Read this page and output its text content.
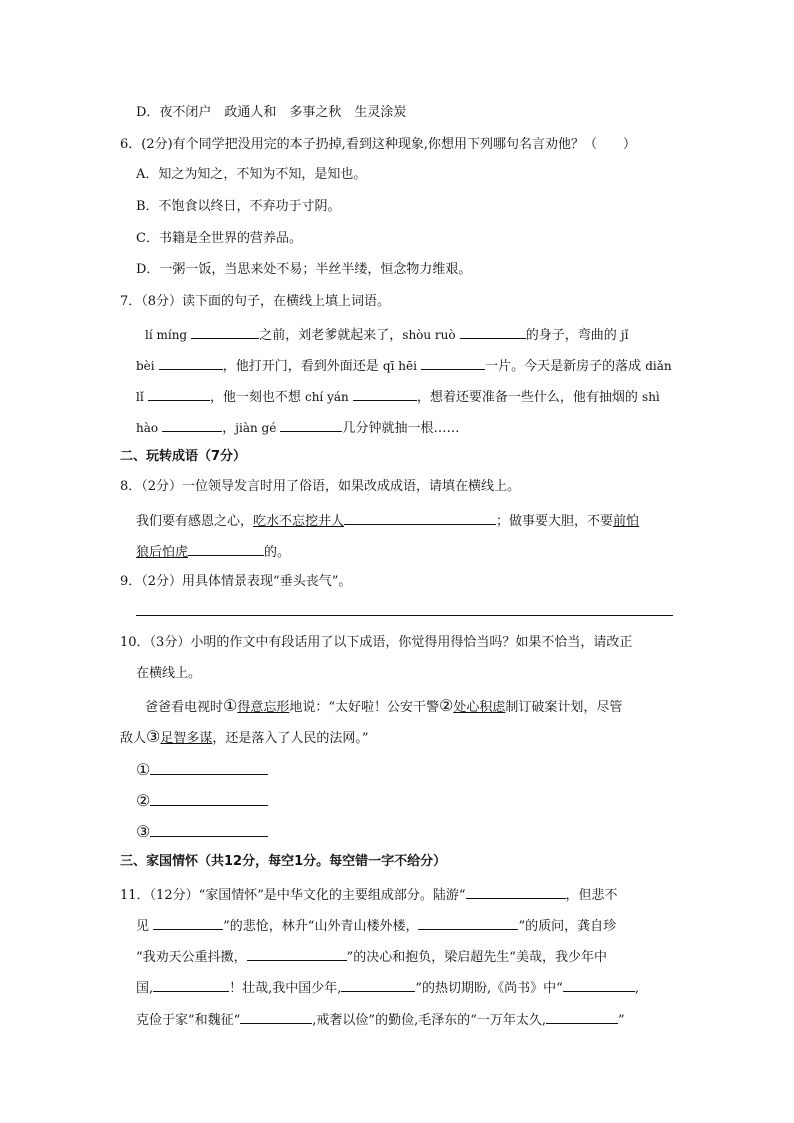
D．夜不闭户　政通人和　多事之秋　生灵涂炭
6．(2分)有个同学把没用完的本子扔掉,看到这种现象,你想用下列哪句名言劝他？（　　）
A．知之为知之，不知为不知，是知也。
B．不饱食以终日，不弃功于寸阴。
C．书籍是全世界的营养品。
D．一粥一饭，当思来处不易；半丝半缕，恒念物力维艰。
7．（8分）读下面的句子，在横线上填上词语。
lí míng	之前，刘老爹就起来了，shòu ruò	的身子，弯曲的 jǐ
bèi	，他打开门，看到外面还是 qī hēi	一片。今天是新房子的落成 diǎn
lǐ	，他一刻也不想 chí yán	，想着还要准备一些什么，他有抽烟的 shì
hào	，jiàn gé	几分钟就抽一根……
二、玩转成语（7分）
8．（2分）一位领导发言时用了俗语，如果改成成语，请填在横线上。
我们要有感恩之心，吃水不忘挖井人	；做事要大胆，不要前怕
狼后怕虎	的。
9．（2分）用具体情景表现“垂头丧气”。
10．（3分）小明的作文中有段话用了以下成语，你觉得用得恰当吗？如果不恰当，请改正
在横线上。
爸爸看电视时①得意忘形地说：“太好啦！公安干警②处心积虑制订破案计划，尽管
敌人③足智多谋，还是落入了人民的法网。”
①
②
③
三、家国情怀（共12分，每空1分。每空错一字不给分）
11．（12分）“家国情怀”是中华文化的主要组成部分。陆游“	，但悲不
见	”的悲怆，林升“山外青山楼外楼，	”的质问，龚自珍
“我劝天公重抖擞，	”的决心和抱负，梁启超先生“美哉，我少年中
国,	！壮哉,我中国少年,	”的热切期盼,《尚书》中“	,
克俭于家”和魏征“	,戒奢以俭”的勤俭,毛泽东的“一万年太久,	”
